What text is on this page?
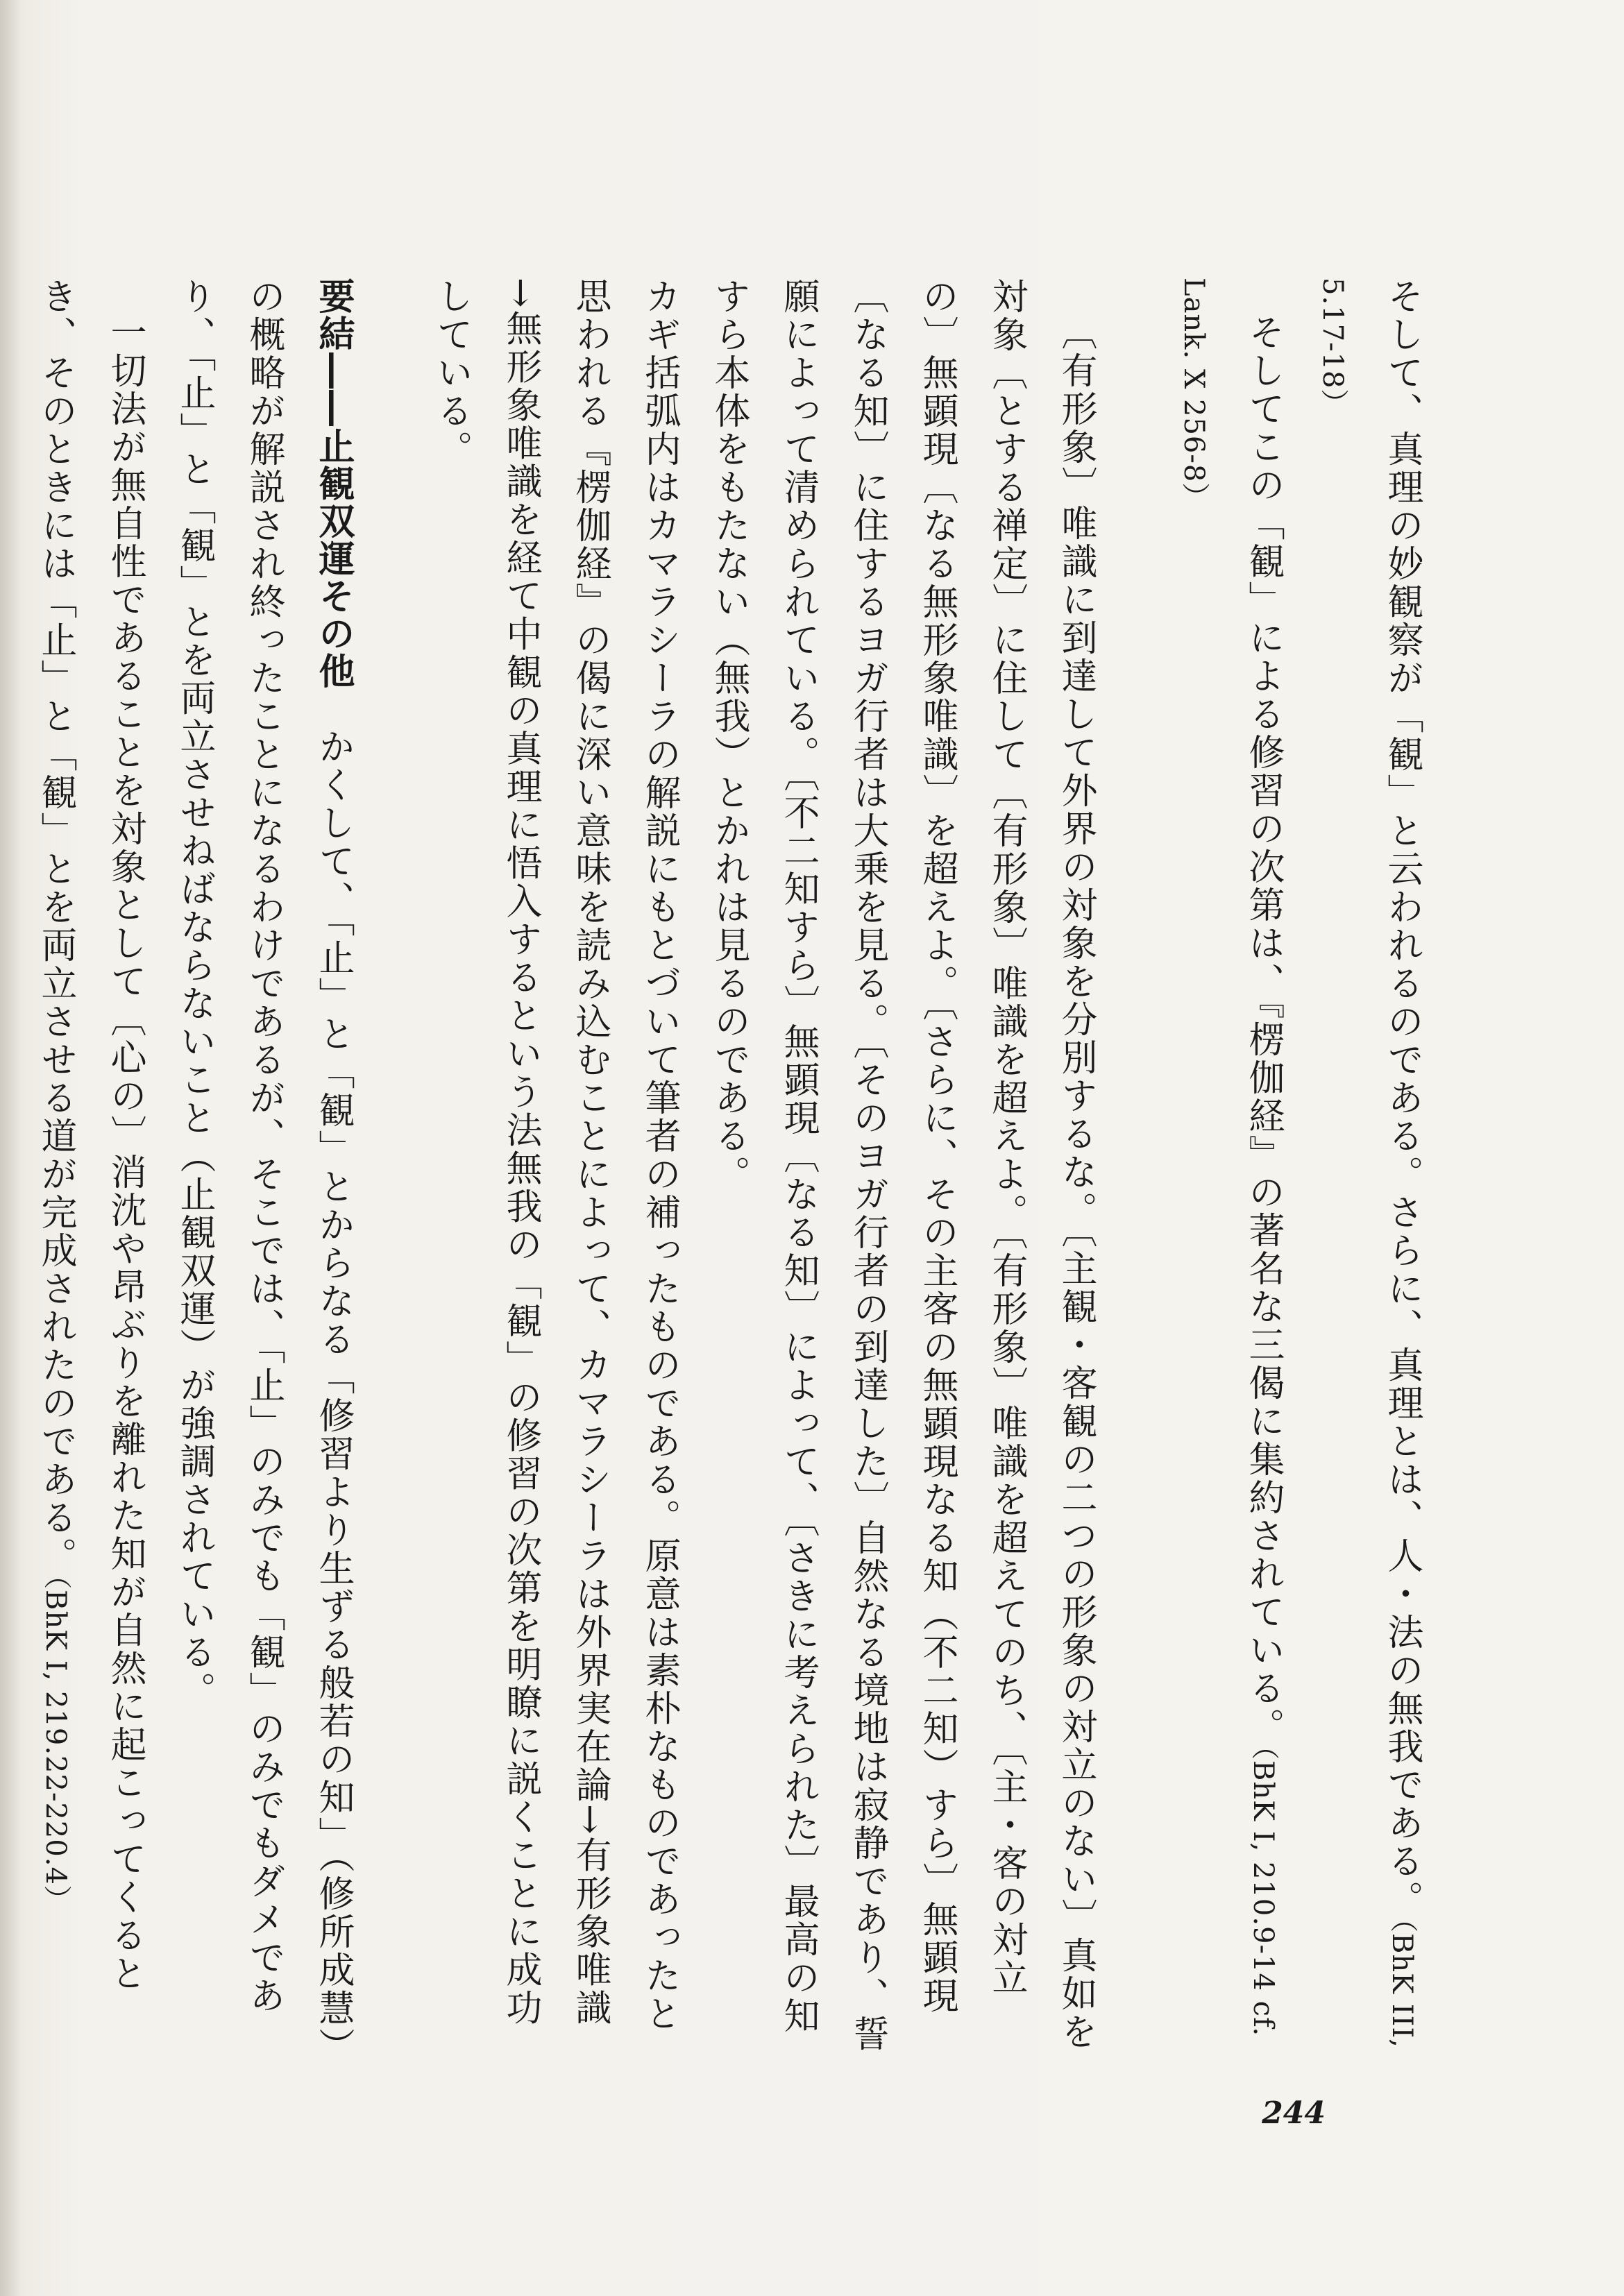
そして、真理の妙観察が「観」と云われるのである。さらに、真理とは、人・法の無我である。（BhK III, 5.17-18）

そしてこの「観」による修習の次第は、『楞伽経』の著名な三偈に集約されている。（BhK I, 210.9-14 cf. Lank. X 256-8）

〔有形象〕唯識に到達して外界の対象を分別するな。〔主観・客観の二つの形象の対立のない〕真如を対象〔とする禅定〕に住して〔有形象〕唯識を超えよ。〔有形象〕唯識を超えてのち、〔主・客の対立の〕無顕現〔なる無形象唯識〕を超えよ。〔さらに、その主客の無顕現なる知（不二知）すら〕無顕現〔なる知〕に住するヨガ行者は大乗を見る。〔そのヨガ行者の到達した〕自然なる境地は寂静であり、誓願によって清められている。〔不二知すら〕無顕現〔なる知〕によって、〔さきに考えられた〕最高の知すら本体をもたない（無我）とかれは見るのである。

カギ括弧内はカマラシーラの解説にもとづいて筆者の補ったものである。原意は素朴なものであったと思われる『楞伽経』の偈に深い意味を読み込むことによって、カマラシーラは外界実在論→有形象唯識→無形象唯識を経て中観の真理に悟入するという法無我の「観」の修習の次第を明瞭に説くことに成功している。

要結――止観双運その他　かくして、「止」と「観」とからなる「修習より生ずる般若の知」（修所成慧）の概略が解説され終ったことになるわけであるが、そこでは、「止」のみでも「観」のみでもダメであり、「止」と「観」とを両立させねばならないこと（止観双運）が強調されている。

一切法が無自性であることを対象として〔心の〕消沈や昂ぶりを離れた知が自然に起こってくるとき、そのときには「止」と「観」とを両立させる道が完成されたのである。（BhK I, 219.22-220.4）

244
